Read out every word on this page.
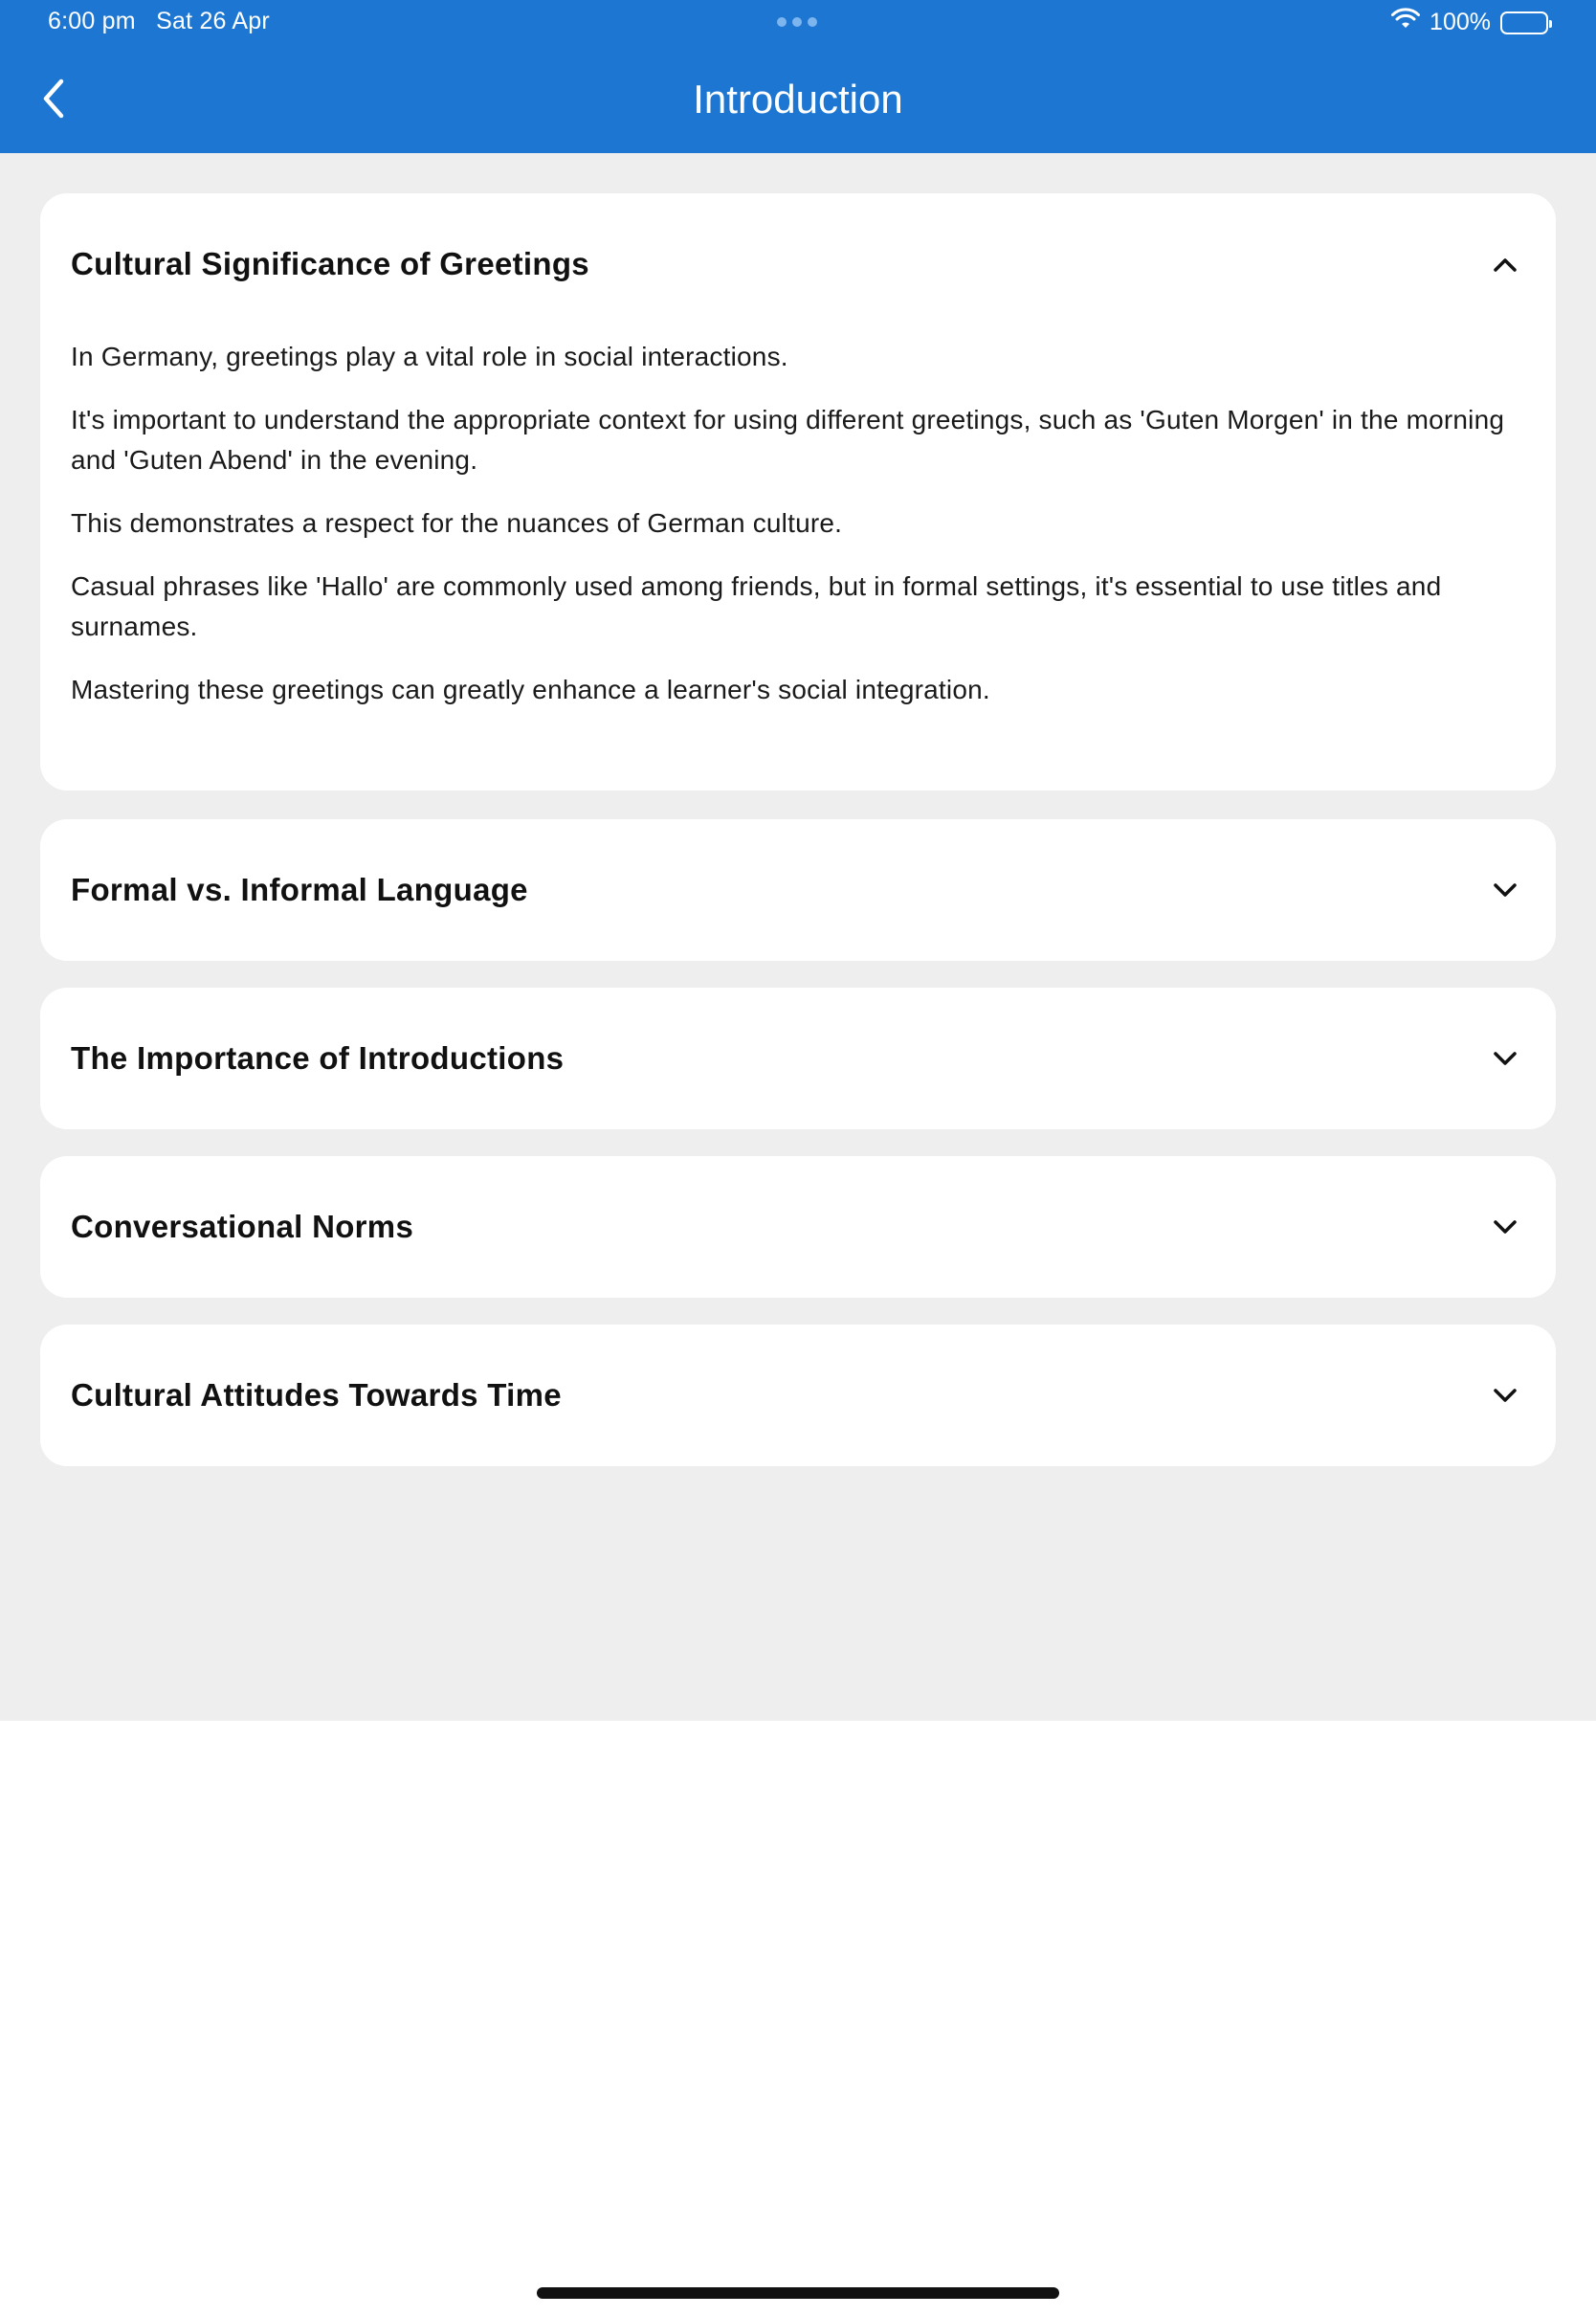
6:00 pm Sat 26 Apr	100%
Introduction
Cultural Significance of Greetings

In Germany, greetings play a vital role in social interactions.

It's important to understand the appropriate context for using different greetings, such as 'Guten Morgen' in the morning and 'Guten Abend' in the evening.

This demonstrates a respect for the nuances of German culture.

Casual phrases like 'Hallo' are commonly used among friends, but in formal settings, it's essential to use titles and surnames.

Mastering these greetings can greatly enhance a learner's social integration.

Formal vs. Informal Language
The Importance of Introductions
Conversational Norms
Cultural Attitudes Towards Time
